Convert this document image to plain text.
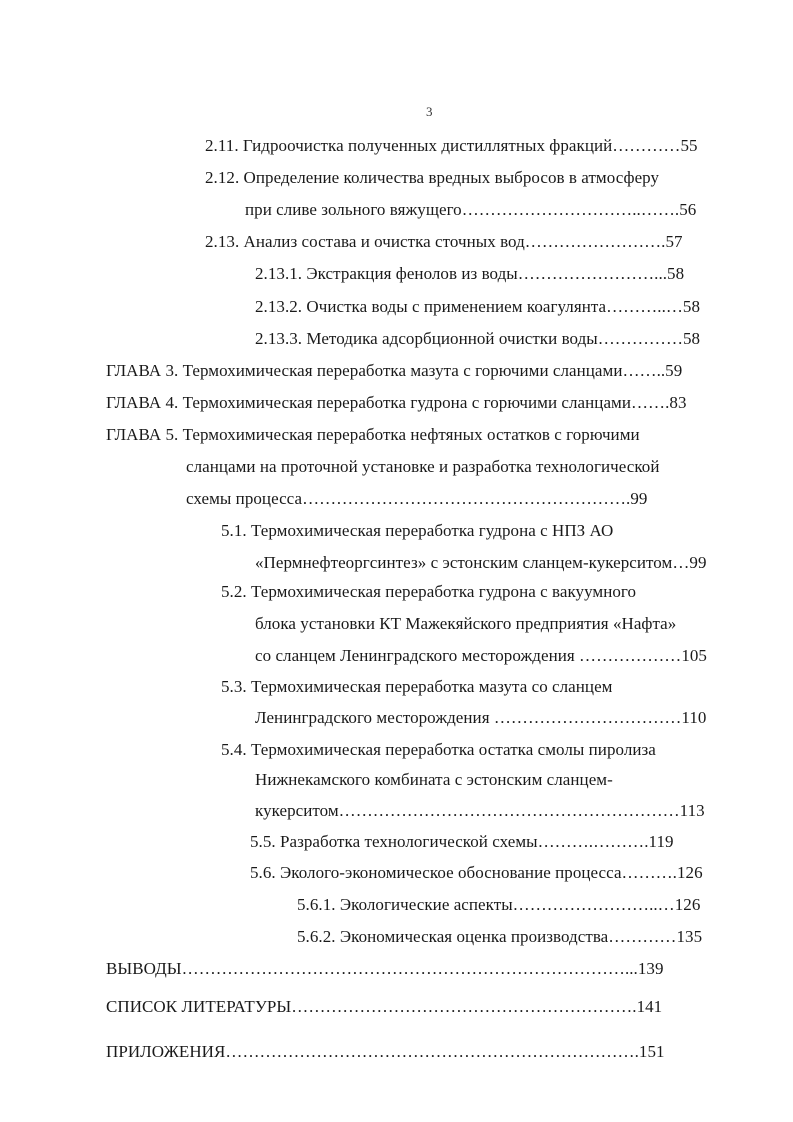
3
2.11. Гидроочистка полученных дистиллятных фракций…………55
2.12. Определение количества вредных выбросов в атмосферу
при сливе зольного вяжущего…………………………..…….56
2.13. Анализ состава и очистка сточных вод…………………….57
2.13.1. Экстракция фенолов из воды……………………...58
2.13.2. Очистка воды с применением коагулянта………..…58
2.13.3. Методика адсорбционной очистки воды……………58
ГЛАВА 3. Термохимическая переработка мазута с горючими сланцами……..59
ГЛАВА 4. Термохимическая переработка гудрона с горючими сланцами…….83
ГЛАВА 5. Термохимическая переработка нефтяных остатков с горючими
сланцами на проточной установке и разработка технологической
схемы процесса………………………………………………….99
5.1. Термохимическая переработка гудрона с НПЗ АО
«Пермнефтеоргсинтез» с эстонским сланцем-кукерситом…99
5.2. Термохимическая переработка гудрона с вакуумного
блока установки КТ Мажекяйского предприятия «Нафта»
со сланцем Ленинградского месторождения ………………105
5.3. Термохимическая переработка мазута со сланцем
Ленинградского месторождения ……………………………110
5.4. Термохимическая переработка остатка смолы пиролиза
Нижнекамского комбината с эстонским сланцем-
кукерситом……………………………………………………113
5.5. Разработка технологической схемы……….……….119
5.6. Эколого-экономическое обоснование процесса……….126
5.6.1. Экологические аспекты……………………..…126
5.6.2. Экономическая оценка производства…………135
ВЫВОДЫ……………………………………………………………………...139
СПИСОК ЛИТЕРАТУРЫ…………………………………………………….141
ПРИЛОЖЕНИЯ……………………………………………………………….151
